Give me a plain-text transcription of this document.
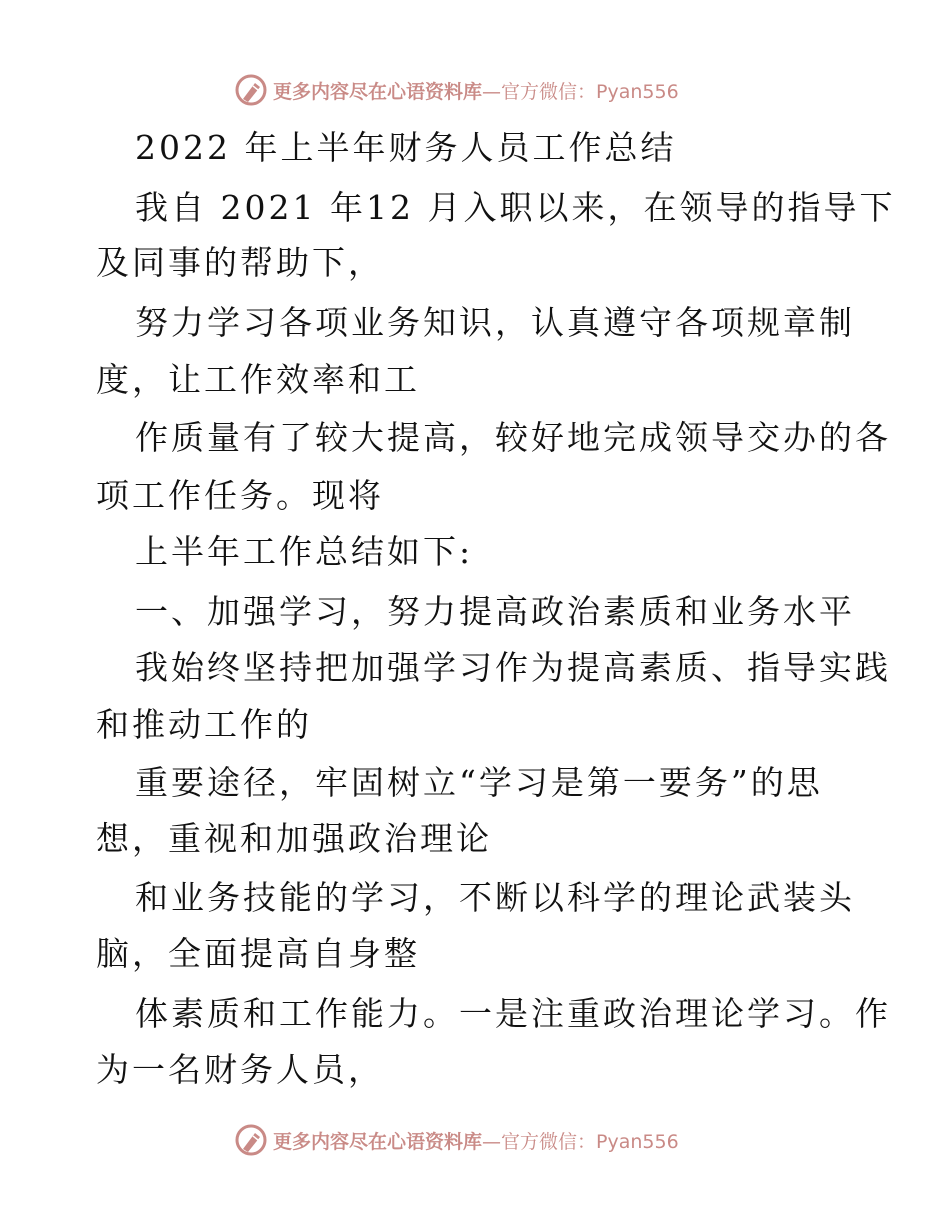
更多内容尽在心语资料库 —官方微信：Pyan556
2022 年上半年财务人员工作总结
我自 2021 年12 月入职以来，在领导的指导下
及同事的帮助下，
努力学习各项业务知识，认真遵守各项规章制
度，让工作效率和工
作质量有了较大提高，较好地完成领导交办的各
项工作任务。现将
上半年工作总结如下:
一、加强学习，努力提高政治素质和业务水平
我始终坚持把加强学习作为提高素质、指导实践
和推动工作的
重要途径，牢固树立“学习是第一要务”的思
想，重视和加强政治理论
和业务技能的学习，不断以科学的理论武装头
脑，全面提高自身整
体素质和工作能力。一是注重政治理论学习。作
为一名财务人员，
更多内容尽在心语资料库 —官方微信：Pyan556
